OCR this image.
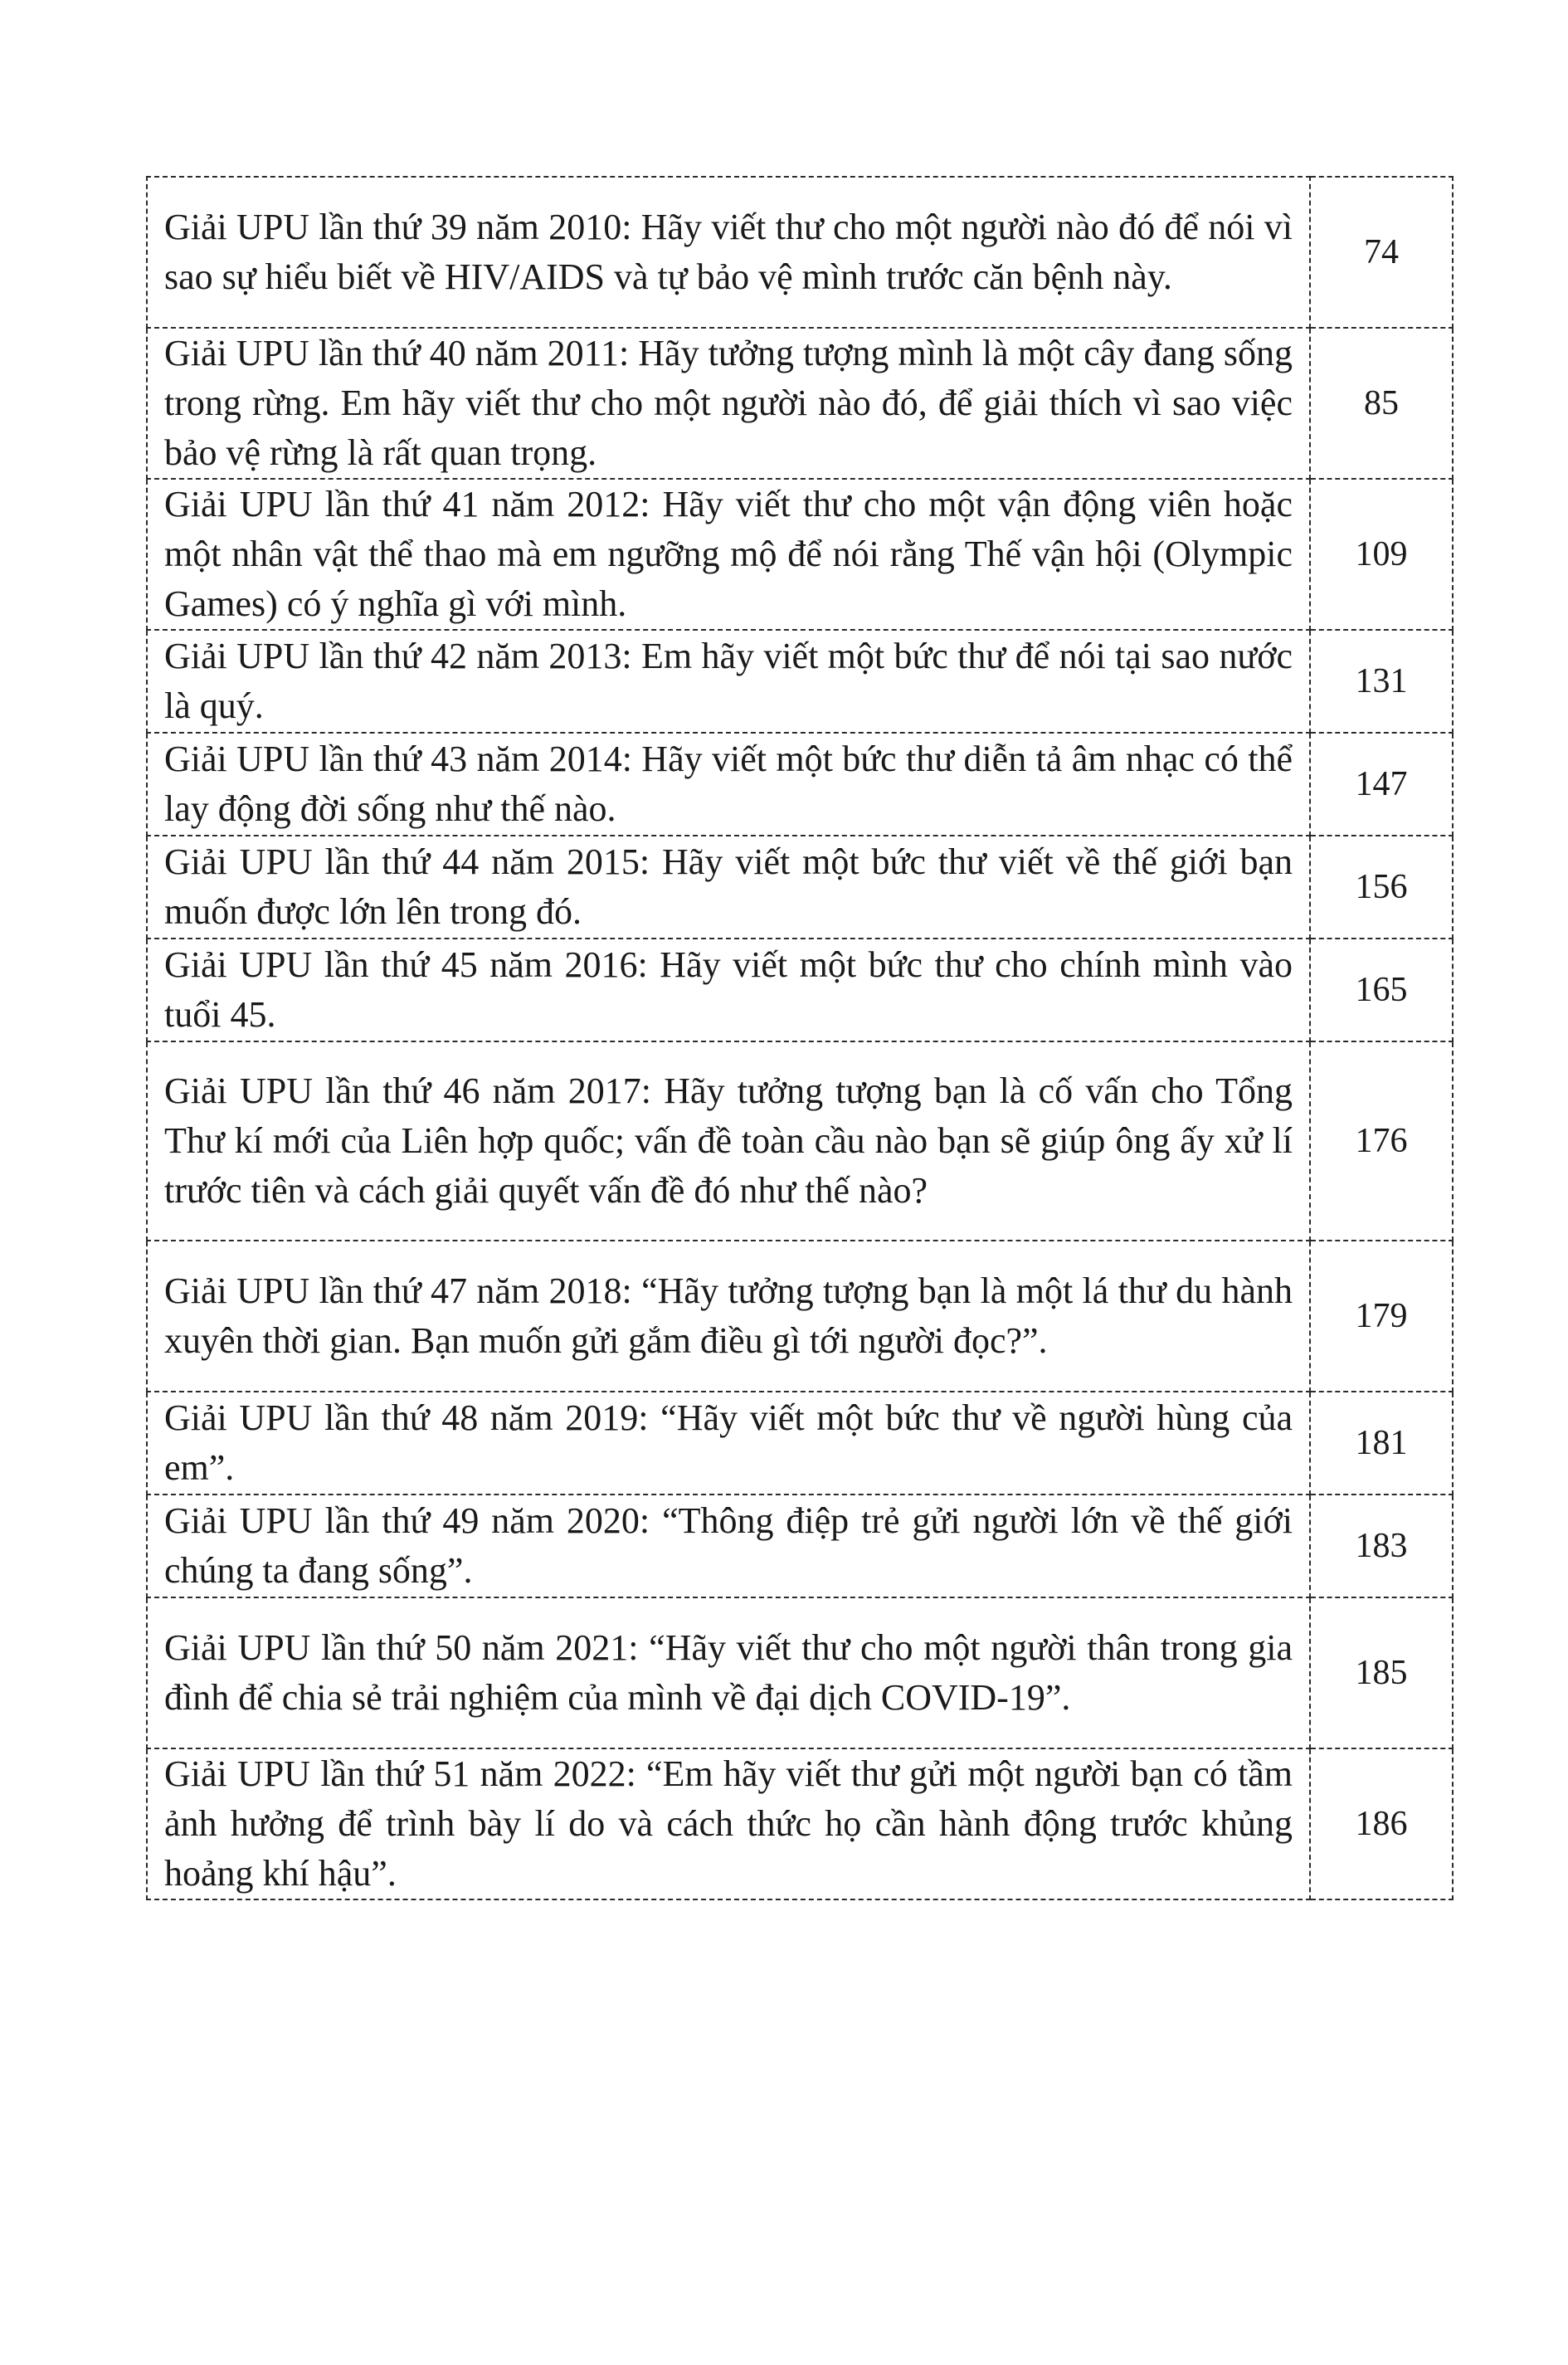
Giải UPU lần thứ 39 năm 2010: Hãy viết thư cho một người nào đó để nói vì sao sự hiểu biết về HIV/AIDS và tự bảo vệ mình trước căn bệnh này.	74
Giải UPU lần thứ 40 năm 2011: Hãy tưởng tượng mình là một cây đang sống trong rừng. Em hãy viết thư cho một người nào đó, để giải thích vì sao việc bảo vệ rừng là rất quan trọng.	85
Giải UPU lần thứ 41 năm 2012: Hãy viết thư cho một vận động viên hoặc một nhân vật thể thao mà em ngưỡng mộ để nói rằng Thế vận hội (Olympic Games) có ý nghĩa gì với mình.	109
Giải UPU lần thứ 42 năm 2013: Em hãy viết một bức thư để nói tại sao nước là quý.	131
Giải UPU lần thứ 43 năm 2014: Hãy viết một bức thư diễn tả âm nhạc có thể lay động đời sống như thế nào.	147
Giải UPU lần thứ 44 năm 2015: Hãy viết một bức thư viết về thế giới bạn muốn được lớn lên trong đó.	156
Giải UPU lần thứ 45 năm 2016: Hãy viết một bức thư cho chính mình vào tuổi 45.	165
Giải UPU lần thứ 46 năm 2017: Hãy tưởng tượng bạn là cố vấn cho Tổng Thư kí mới của Liên hợp quốc; vấn đề toàn cầu nào bạn sẽ giúp ông ấy xử lí trước tiên và cách giải quyết vấn đề đó như thế nào?	176
Giải UPU lần thứ 47 năm 2018: “Hãy tưởng tượng bạn là một lá thư du hành xuyên thời gian. Bạn muốn gửi gắm điều gì tới người đọc?”.	179
Giải UPU lần thứ 48 năm 2019: “Hãy viết một bức thư về người hùng của em”.	181
Giải UPU lần thứ 49 năm 2020: “Thông điệp trẻ gửi người lớn về thế giới chúng ta đang sống”.	183
Giải UPU lần thứ 50 năm 2021: “Hãy viết thư cho một người thân trong gia đình để chia sẻ trải nghiệm của mình về đại dịch COVID-19”.	185
Giải UPU lần thứ 51 năm 2022: “Em hãy viết thư gửi một người bạn có tầm ảnh hưởng để trình bày lí do và cách thức họ cần hành động trước khủng hoảng khí hậu”.	186
